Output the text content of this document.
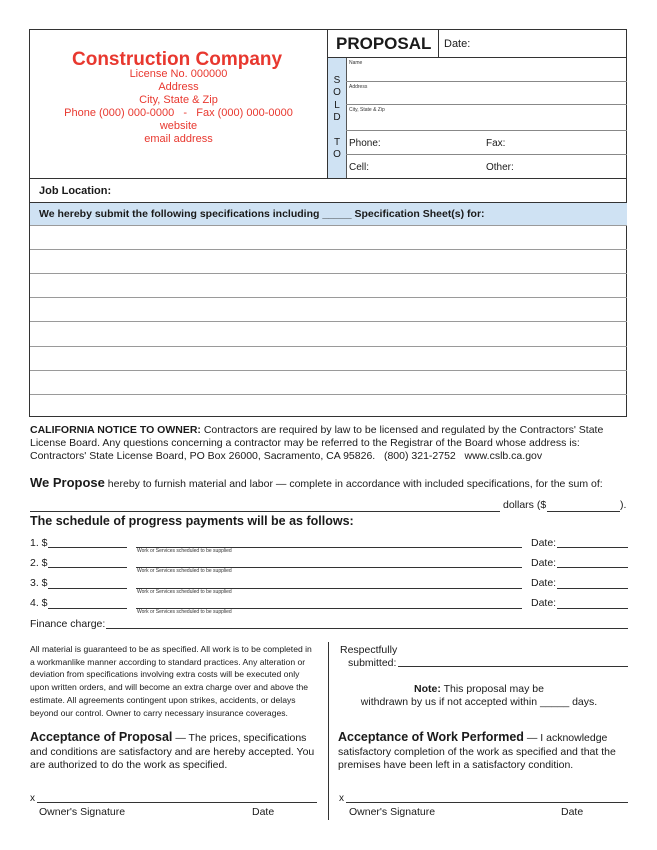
Construction Company
License No. 000000
Address
City, State & Zip
Phone (000) 000-0000   -   Fax (000) 000-0000
website
email address
PROPOSAL Date:
S
O
L
D
T
O
Name
Address
City, State & Zip
Phone:	Fax:
Cell:	Other:
Job Location:
We hereby submit the following specifications including _____ Specification Sheet(s) for:
CALIFORNIA NOTICE TO OWNER: Contractors are required by law to be licensed and regulated by the Contractors' State
License Board. Any questions concerning a contractor may be referred to the Registrar of the Board whose address is:
Contractors' State License Board, PO Box 26000, Sacramento, CA 95826.   (800) 321-2752   www.cslb.ca.gov
We Propose hereby to furnish material and labor — complete in accordance with included specifications, for the sum of:
dollars ($	).
The schedule of progress payments will be as follows:
1. $
Work or Services scheduled to be supplied
Date:
2. $
Work or Services scheduled to be supplied
Date:
3. $
Work or Services scheduled to be supplied
Date:
4. $
Work or Services scheduled to be supplied
Date:
Finance charge:
All material is guaranteed to be as specified. All work is to be completed in
a workmanlike manner according to standard practices. Any alteration or
deviation from specifications involving extra costs will be executed only
upon written orders, and will become an extra charge over and above the
estimate. All agreements contingent upon strikes, accidents, or delays
beyond our control. Owner to carry necessary insurance coverages.
Respectfully
submitted:
Note: This proposal may be
withdrawn by us if not accepted within _____ days.
Acceptance of Proposal — The prices, specifications
and conditions are satisfactory and are hereby accepted. You
are authorized to do the work as specified.
Acceptance of Work Performed — I acknowledge
satisfactory completion of the work as specified and that the
premises have been left in a satisfactory condition.
x
Owner's Signature	Date
x
Owner's Signature	Date
